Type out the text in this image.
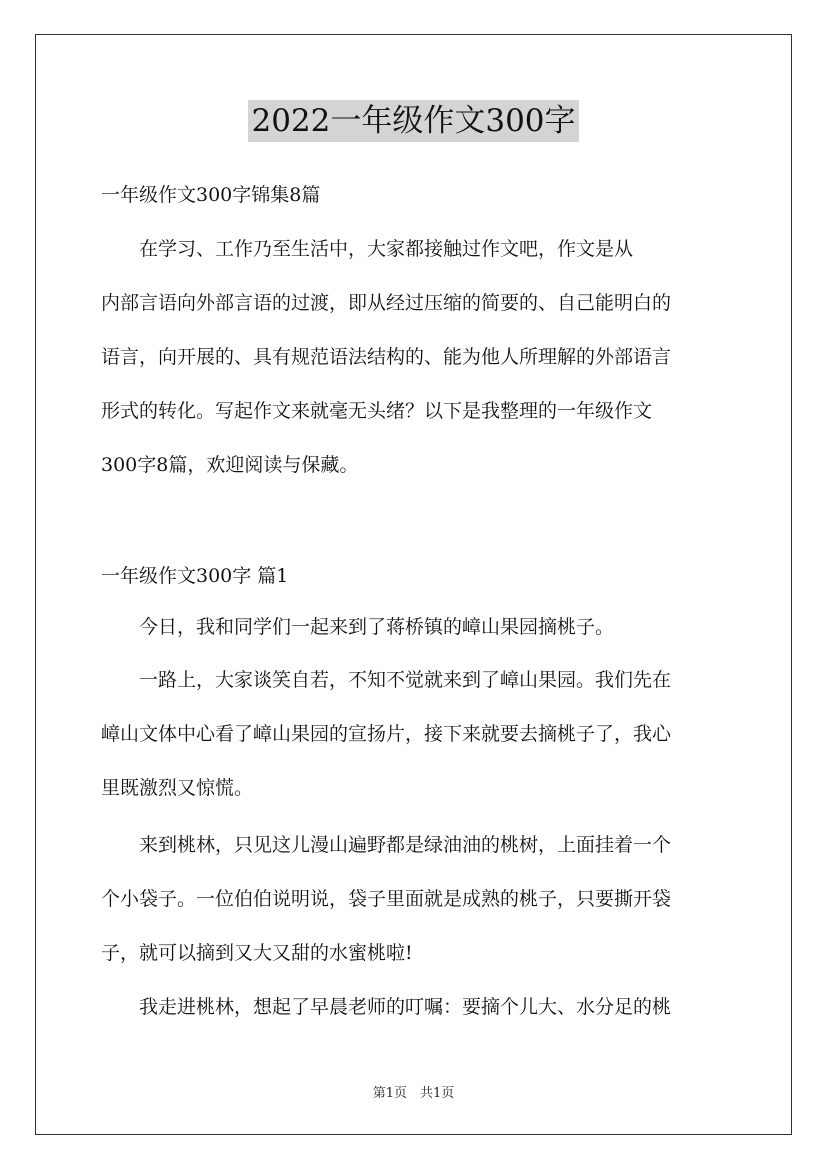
2022一年级作文300字
一年级作文300字锦集8篇
　　在学习、工作乃至生活中，大家都接触过作文吧，作文是从
内部言语向外部言语的过渡，即从经过压缩的简要的、自己能明白的
语言，向开展的、具有规范语法结构的、能为他人所理解的外部语言
形式的转化。写起作文来就毫无头绪？以下是我整理的一年级作文
300字8篇，欢迎阅读与保藏。
一年级作文300字 篇1
　　今日，我和同学们一起来到了蒋桥镇的嶂山果园摘桃子。
　　一路上，大家谈笑自若，不知不觉就来到了嶂山果园。我们先在
嶂山文体中心看了嶂山果园的宣扬片，接下来就要去摘桃子了，我心
里既激烈又惊慌。
　　来到桃林，只见这儿漫山遍野都是绿油油的桃树，上面挂着一个
个小袋子。一位伯伯说明说，袋子里面就是成熟的桃子，只要撕开袋
子，就可以摘到又大又甜的水蜜桃啦!
　　我走进桃林，想起了早晨老师的叮嘱：要摘个儿大、水分足的桃
第1页　共1页
